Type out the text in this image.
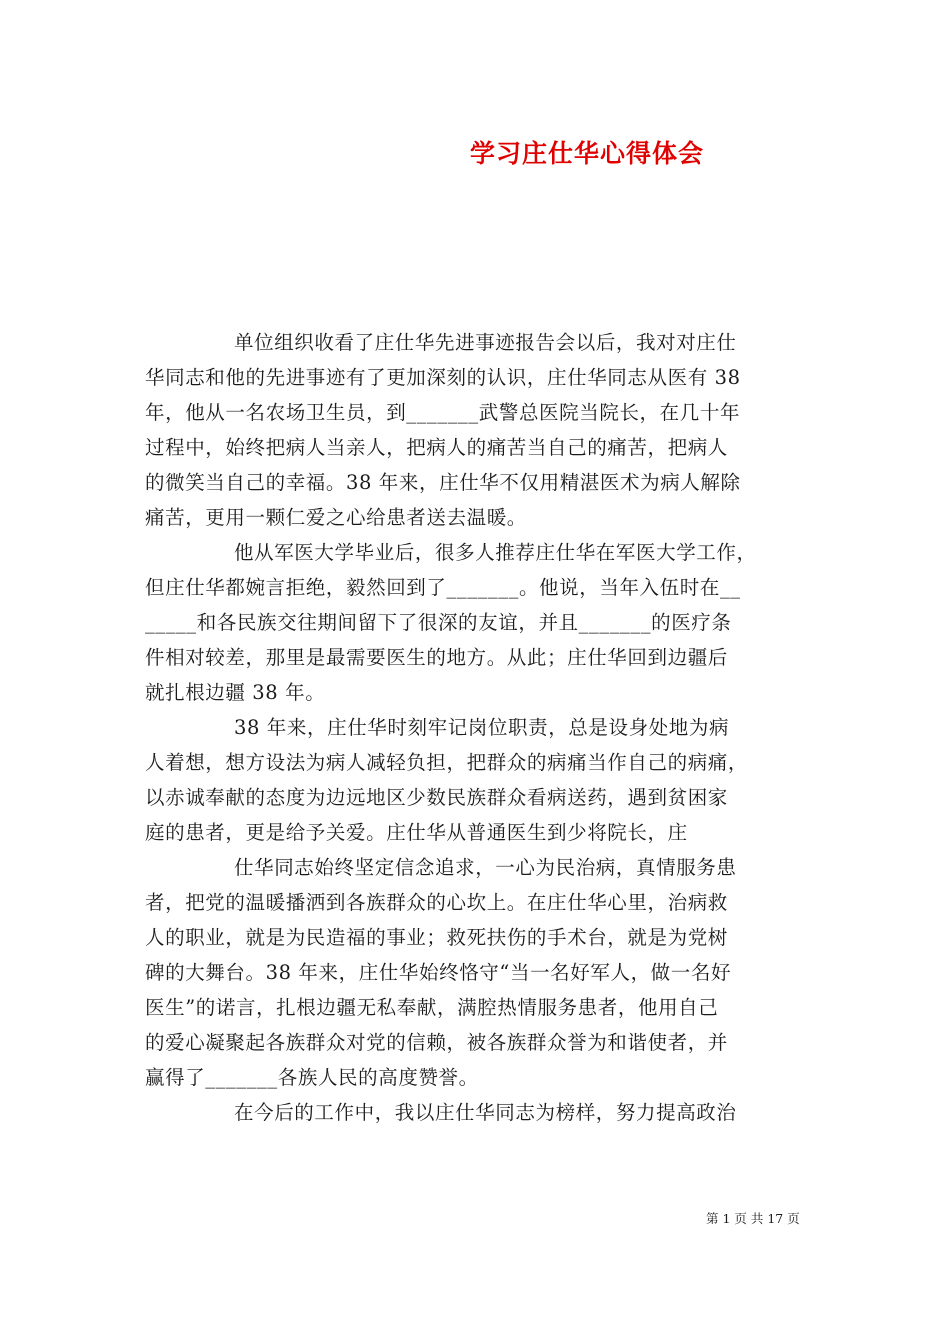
学习庄仕华心得体会
单位组织收看了庄仕华先进事迹报告会以后，我对对庄仕
华同志和他的先进事迹有了更加深刻的认识，庄仕华同志从医有 38
年，他从一名农场卫生员，到_______武警总医院当院长，在几十年
过程中，始终把病人当亲人，把病人的痛苦当自己的痛苦，把病人
的微笑当自己的幸福。38 年来，庄仕华不仅用精湛医术为病人解除
痛苦，更用一颗仁爱之心给患者送去温暖。
他从军医大学毕业后，很多人推荐庄仕华在军医大学工作，
但庄仕华都婉言拒绝，毅然回到了_______。他说，当年入伍时在__
_____和各民族交往期间留下了很深的友谊，并且_______的医疗条
件相对较差，那里是最需要医生的地方。从此；庄仕华回到边疆后
就扎根边疆 38 年。
38 年来，庄仕华时刻牢记岗位职责，总是设身处地为病
人着想，想方设法为病人减轻负担，把群众的病痛当作自己的病痛，
以赤诚奉献的态度为边远地区少数民族群众看病送药，遇到贫困家
庭的患者，更是给予关爱。庄仕华从普通医生到少将院长，庄
仕华同志始终坚定信念追求，一心为民治病，真情服务患
者，把党的温暖播洒到各族群众的心坎上。在庄仕华心里，治病救
人的职业，就是为民造福的事业；救死扶伤的手术台，就是为党树
碑的大舞台。38 年来，庄仕华始终恪守“当一名好军人，做一名好
医生”的诺言，扎根边疆无私奉献，满腔热情服务患者，他用自己
的爱心凝聚起各族群众对党的信赖，被各族群众誉为和谐使者，并
赢得了_______各族人民的高度赞誉。
在今后的工作中，我以庄仕华同志为榜样，努力提高政治
第 1 页 共 17 页
